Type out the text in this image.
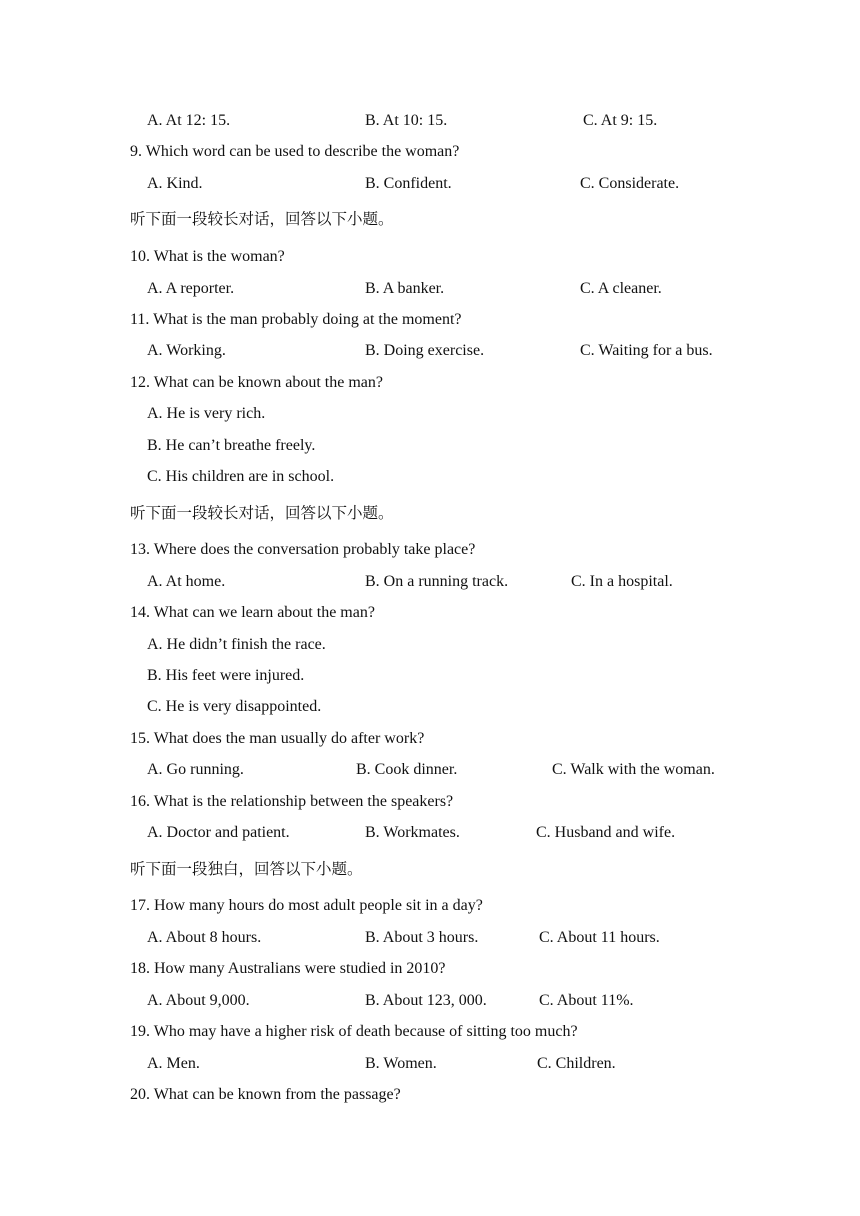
A. At 12: 15.	B. At 10: 15.	C. At 9: 15.
9. Which word can be used to describe the woman?
A. Kind.	B. Confident.	C. Considerate.
听下面一段较长对话，回答以下小题。
10. What is the woman?
A. A reporter.	B. A banker.	C. A cleaner.
11. What is the man probably doing at the moment?
A. Working.	B. Doing exercise.	C. Waiting for a bus.
12. What can be known about the man?
A. He is very rich.
B. He can’t breathe freely.
C. His children are in school.
听下面一段较长对话，回答以下小题。
13. Where does the conversation probably take place?
A. At home.	B. On a running track.	C. In a hospital.
14. What can we learn about the man?
A. He didn’t finish the race.
B. His feet were injured.
C. He is very disappointed.
15. What does the man usually do after work?
A. Go running.	B. Cook dinner.	C. Walk with the woman.
16. What is the relationship between the speakers?
A. Doctor and patient.	B. Workmates.	C. Husband and wife.
听下面一段独白，回答以下小题。
17. How many hours do most adult people sit in a day?
A. About 8 hours.	B. About 3 hours.	C. About 11 hours.
18. How many Australians were studied in 2010?
A. About 9,000.	B. About 123, 000.	C. About 11%.
19. Who may have a higher risk of death because of sitting too much?
A. Men.	B. Women.	C. Children.
20. What can be known from the passage?
